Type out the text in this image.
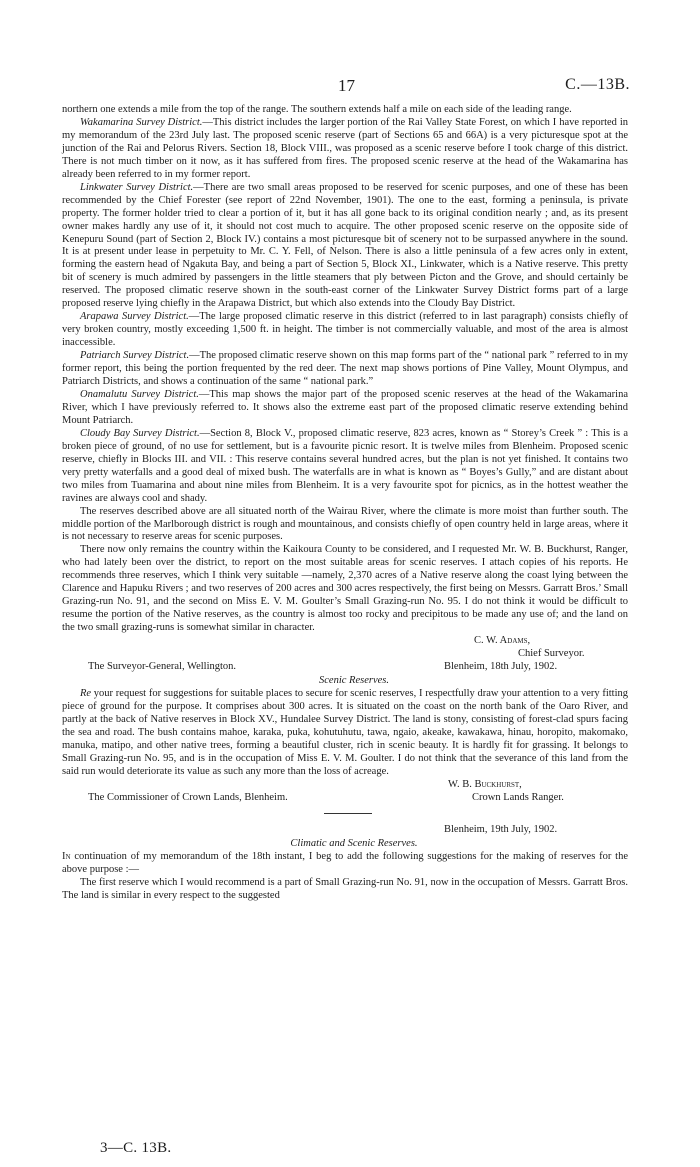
17	C.—13B.

northern one extends a mile from the top of the range. The southern extends half a mile on each side of the leading range.

Wakamarina Survey District.—This district includes the larger portion of the Rai Valley State Forest, on which I have reported in my memorandum of the 23rd July last. The proposed scenic reserve (part of Sections 65 and 66A) is a very picturesque spot at the junction of the Rai and Pelorus Rivers. Section 18, Block VIII., was proposed as a scenic reserve before I took charge of this district. There is not much timber on it now, as it has suffered from fires. The proposed scenic reserve at the head of the Wakamarina has already been referred to in my former report.

Linkwater Survey District.—There are two small areas proposed to be reserved for scenic purposes, and one of these has been recommended by the Chief Forester (see report of 22nd November, 1901). The one to the east, forming a peninsula, is private property. The former holder tried to clear a portion of it, but it has all gone back to its original condition nearly ; and, as its present owner makes hardly any use of it, it should not cost much to acquire. The other proposed scenic reserve on the opposite side of Kenepuru Sound (part of Section 2, Block IV.) contains a most picturesque bit of scenery not to be surpassed anywhere in the sound. It is at present under lease in perpetuity to Mr. C. Y. Fell, of Nelson. There is also a little peninsula of a few acres only in extent, forming the eastern head of Ngakuta Bay, and being a part of Section 5, Block XI., Linkwater, which is a Native reserve. This pretty bit of scenery is much admired by passengers in the little steamers that ply between Picton and the Grove, and should certainly be reserved. The proposed climatic reserve shown in the south-east corner of the Linkwater Survey District forms part of a large proposed reserve lying chiefly in the Arapawa District, but which also extends into the Cloudy Bay District.

Arapawa Survey District.—The large proposed climatic reserve in this district (referred to in last paragraph) consists chiefly of very broken country, mostly exceeding 1,500 ft. in height. The timber is not commercially valuable, and most of the area is almost inaccessible.

Patriarch Survey District.—The proposed climatic reserve shown on this map forms part of the “ national park ” referred to in my former report, this being the portion frequented by the red deer. The next map shows portions of Pine Valley, Mount Olympus, and Patriarch Districts, and shows a continuation of the same “ national park.”

Onamalutu Survey District.—This map shows the major part of the proposed scenic reserves at the head of the Wakamarina River, which I have previously referred to. It shows also the extreme east part of the proposed climatic reserve extending behind Mount Patriarch.

Cloudy Bay Survey District.—Section 8, Block V., proposed climatic reserve, 823 acres, known as “ Storey’s Creek ” : This is a broken piece of ground, of no use for settlement, but is a favourite picnic resort. It is twelve miles from Blenheim. Proposed scenic reserve, chiefly in Blocks III. and VII. : This reserve contains several hundred acres, but the plan is not yet finished. It contains two very pretty waterfalls and a good deal of mixed bush. The waterfalls are in what is known as “ Boyes’s Gully,” and are distant about two miles from Tuamarina and about nine miles from Blenheim. It is a very favourite spot for picnics, as in the hottest weather the ravines are always cool and shady.

The reserves described above are all situated north of the Wairau River, where the climate is more moist than further south. The middle portion of the Marlborough district is rough and mountainous, and consists chiefly of open country held in large areas, where it is not necessary to reserve areas for scenic purposes.

There now only remains the country within the Kaikoura County to be considered, and I requested Mr. W. B. Buckhurst, Ranger, who had lately been over the district, to report on the most suitable areas for scenic reserves. I attach copies of his reports. He recommends three reserves, which I think very suitable —namely, 2,370 acres of a Native reserve along the coast lying between the Clarence and Hapuku Rivers ; and two reserves of 200 acres and 300 acres respectively, the first being on Messrs. Garratt Bros.’ Small Grazing-run No. 91, and the second on Miss E. V. M. Goulter’s Small Grazing-run No. 95. I do not think it would be difficult to resume the portion of the Native reserves, as the country is almost too rocky and precipitous to be made any use of; and the land on the two small grazing-runs is somewhat similar in character.

C. W. Adams,
Chief Surveyor.
The Surveyor-General, Wellington.	Blenheim, 18th July, 1902.

Scenic Reserves.

Re your request for suggestions for suitable places to secure for scenic reserves, I respectfully draw your attention to a very fitting piece of ground for the purpose. It comprises about 300 acres. It is situated on the coast on the north bank of the Oaro River, and partly at the back of Native reserves in Block XV., Hundalee Survey District. The land is stony, consisting of forest-clad spurs facing the sea and road. The bush contains mahoe, karaka, puka, kohutuhutu, tawa, ngaio, akeake, kawakawa, hinau, horopito, makomako, manuka, matipo, and other native trees, forming a beautiful cluster, rich in scenic beauty. It is hardly fit for grassing. It belongs to Small Grazing-run No. 95, and is in the occupation of Miss E. V. M. Goulter. I do not think that the severance of this land from the said run would deteriorate its value as such any more than the loss of acreage.

W. B. Buckhurst,
The Commissioner of Crown Lands, Blenheim.	Crown Lands Ranger.
Blenheim, 19th July, 1902.

Climatic and Scenic Reserves.

In continuation of my memorandum of the 18th instant, I beg to add the following suggestions for the making of reserves for the above purpose :—

The first reserve which I would recommend is a part of Small Grazing-run No. 91, now in the occupation of Messrs. Garratt Bros. The land is similar in every respect to the suggested

3—C. 13B.
